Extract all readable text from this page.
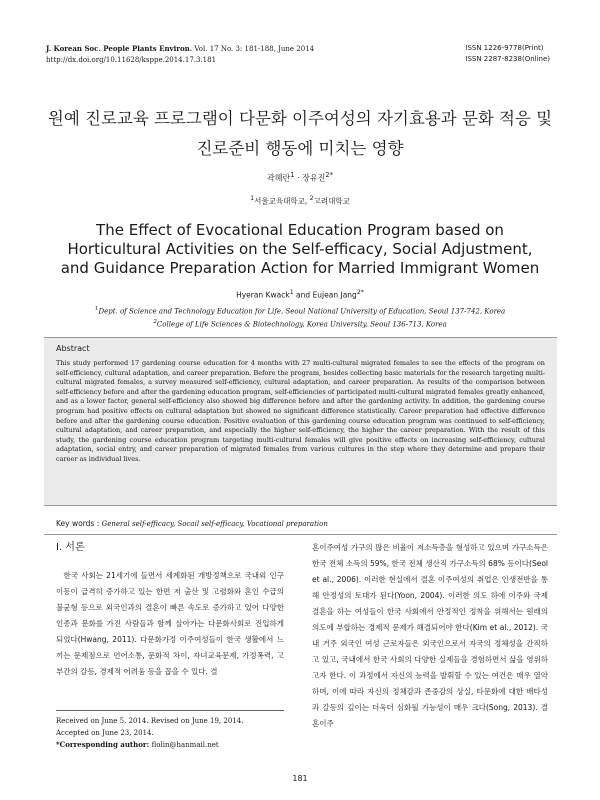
J. Korean Soc. People Plants Environ. Vol. 17 No. 3: 181-188, June 2014
http://dx.doi.org/10.11628/ksppe.2014.17.3.181
ISSN 1226-9778(Print)
ISSN 2287-8238(Online)
원예 진로교육 프로그램이 다문화 이주여성의 자기효용과 문화 적응 및
진로준비 행동에 미치는 영향
곽혜란$^1$ · 장유진$^{2*}$
$^1$서울교육대학교, $^2$고려대학교
The Effect of Evocational Education Program based on
Horticultural Activities on the Self-efficacy, Social Adjustment,
and Guidance Preparation Action for Married Immigrant Women
Hyeran Kwack$^1$ and Eujean Jang$^{2*}$
$^1$Dept. of Science and Technology Education for Life, Seoul National University of Education, Seoul 137-742, Korea
$^2$College of Life Sciences & Biotechnology, Korea University, Seoul 136-713, Korea
Abstract
This study performed 17 gardening course education for 4 months with 27 multi-cultural migrated females to see the effects of the program on self-efficiency, cultural adaptation, and career preparation. Before the program, besides collecting basic materials for the research targeting multi-cultural migrated females, a survey measured self-efficiency, cultural adaptation, and career preparation. As results of the comparison between self-efficiency before and after the gardening education program, self-efficiencies of participated multi-cultural migrated females greatly enhanced, and as a lower factor, general self-efficiency also showed big difference before and after the gardening activity. In addition, the gardening course program had positive effects on cultural adaptation but showed no significant difference statistically. Career preparation had effective difference before and after the gardening course education. Positive evaluation of this gardening course education program was continued to self-efficiency, cultural adaptation, and career preparation, and especially the higher self-efficiency, the higher the career preparation. With the result of this study, the gardening course education program targeting multi-cultural females will give positive effects on increasing self-efficiency, cultural adaptation, social entry, and career preparation of migrated females from various cultures in the step where they determine and prepare their career as individual lives.
Key words : General self-efficacy, Socail self-efficacy, Vocational preparation
Ⅰ. 서론
한국 사회는 21세기에 들면서 세계화된 개방정책으로 국내외 인구 이동이 급격히 증가하고 있는 한편 저 출산 및 고령화와 혼인 수급의 불균형 등으로 외국인과의 결혼이 빠른 속도로 증가하고 있어 다양한 인종과 문화를 가진 사람들과 함께 살아가는 다문화사회로 진입하게 되었다(Hwang, 2011). 다문화가정 이주여성들이 한국 생활에서 느끼는 문제점으로 언어소통, 문화적 차이, 자녀교육문제, 가정폭력, 고부간의 갈등, 경제적 어려움 등을 꼽을 수 있다. 결
혼이주여성 가구의 많은 비율이 저소득층을 형성하고 있으며 가구소득은 한국 전체 소득의 59%, 한국 전체 생산직 가구소득의 68% 등이다(Seol et al., 2006). 이러한 현실에서 결혼 이주여성의 취업은 인생전반을 통해 안정성의 토대가 된다(Yoon, 2004). 이러한 의도 하에 이주와 국제 결혼을 하는 여성들이 한국 사회에서 안정적인 정착을 위해서는 원래의 의도에 부합하는 경제적 문제가 해결되어야 한다(Kim et al., 2012). 국내 거주 외국인 여성 근로자들은 외국인으로서 자국의 정체성을 간직하고 있고, 국내에서 한국 사회의 다양한 실제들을 경험하면서 삶을 영위하고자 한다. 이 과정에서 자신의 능력을 발휘할 수 있는 여건은 매우 열악하며, 이에 따라 자신의 정체감과 존중감의 상실, 타문화에 대한 배타성과 갈등의 깊이는 더욱더 심화될 가능성이 매우 크다(Song, 2013). 결혼이주
Received on June 5, 2014. Revised on June 19, 2014.
Accepted on June 23, 2014.
*Corresponding author: flolin@hanmail.net
181
